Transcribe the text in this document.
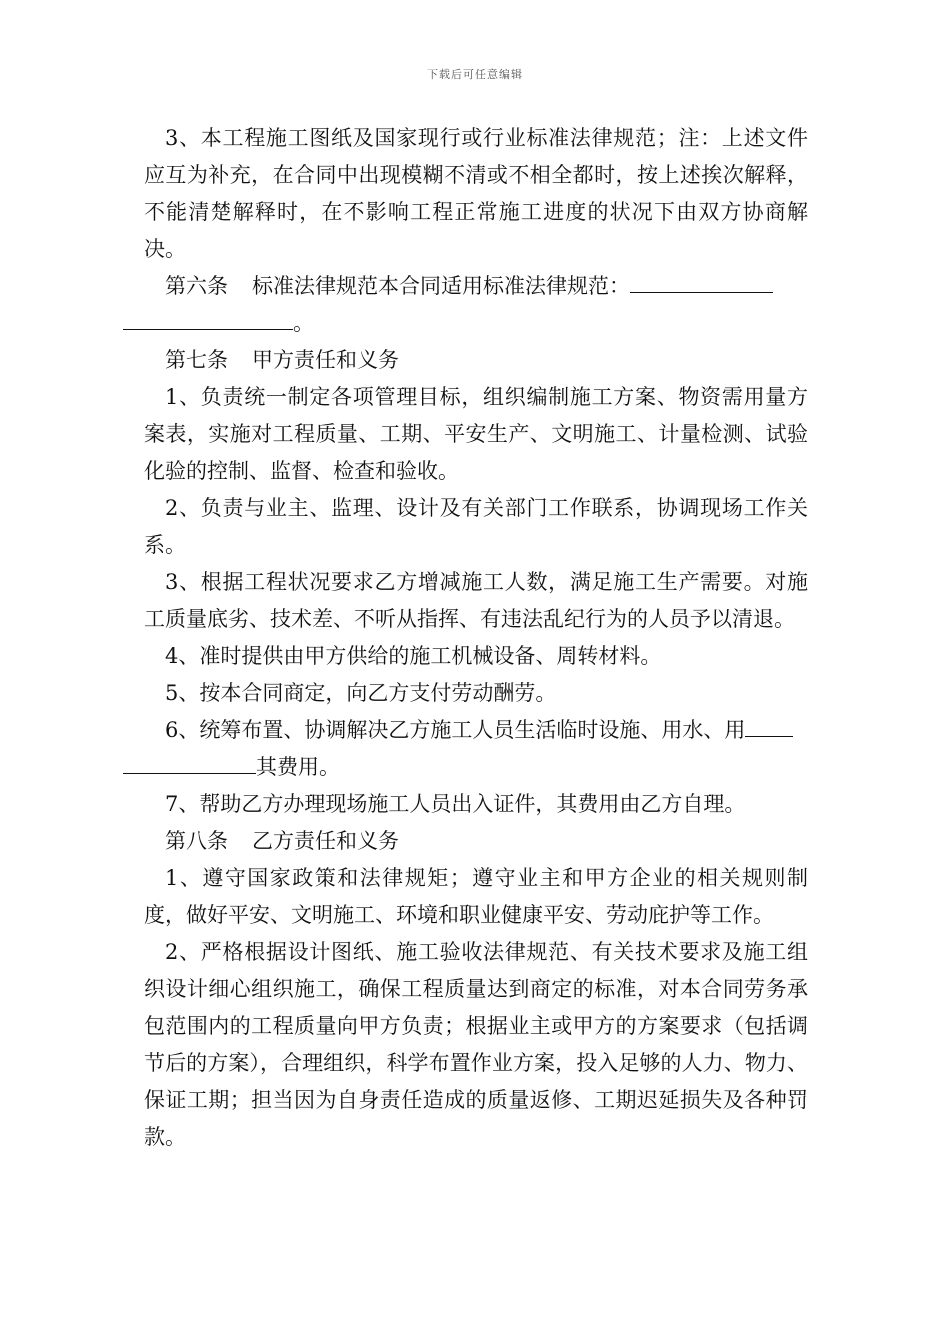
下载后可任意编辑

3、本工程施工图纸及国家现行或行业标准法律规范；注：上述文件应互为补充，在合同中出现模糊不清或不相全都时，按上述挨次解释，不能清楚解释时，在不影响工程正常施工进度的状况下由双方协商解决。

第六条 标准法律规范本合同适用标准法律规范：
。

第七条 甲方责任和义务

1、负责统一制定各项管理目标，组织编制施工方案、物资需用量方案表，实施对工程质量、工期、平安生产、文明施工、计量检测、试验化验的控制、监督、检查和验收。

2、负责与业主、监理、设计及有关部门工作联系，协调现场工作关系。

3、根据工程状况要求乙方增减施工人数，满足施工生产需要。对施工质量底劣、技术差、不听从指挥、有违法乱纪行为的人员予以清退。

4、准时提供由甲方供给的施工机械设备、周转材料。

5、按本合同商定，向乙方支付劳动酬劳。

6、统筹布置、协调解决乙方施工人员生活临时设施、用水、用
其费用。

7、帮助乙方办理现场施工人员出入证件，其费用由乙方自理。

第八条 乙方责任和义务

1、遵守国家政策和法律规矩；遵守业主和甲方企业的相关规则制度，做好平安、文明施工、环境和职业健康平安、劳动庇护等工作。

2、严格根据设计图纸、施工验收法律规范、有关技术要求及施工组织设计细心组织施工，确保工程质量达到商定的标准，对本合同劳务承包范围内的工程质量向甲方负责；根据业主或甲方的方案要求（包括调节后的方案），合理组织，科学布置作业方案，投入足够的人力、物力、保证工期；担当因为自身责任造成的质量返修、工期迟延损失及各种罚款。
